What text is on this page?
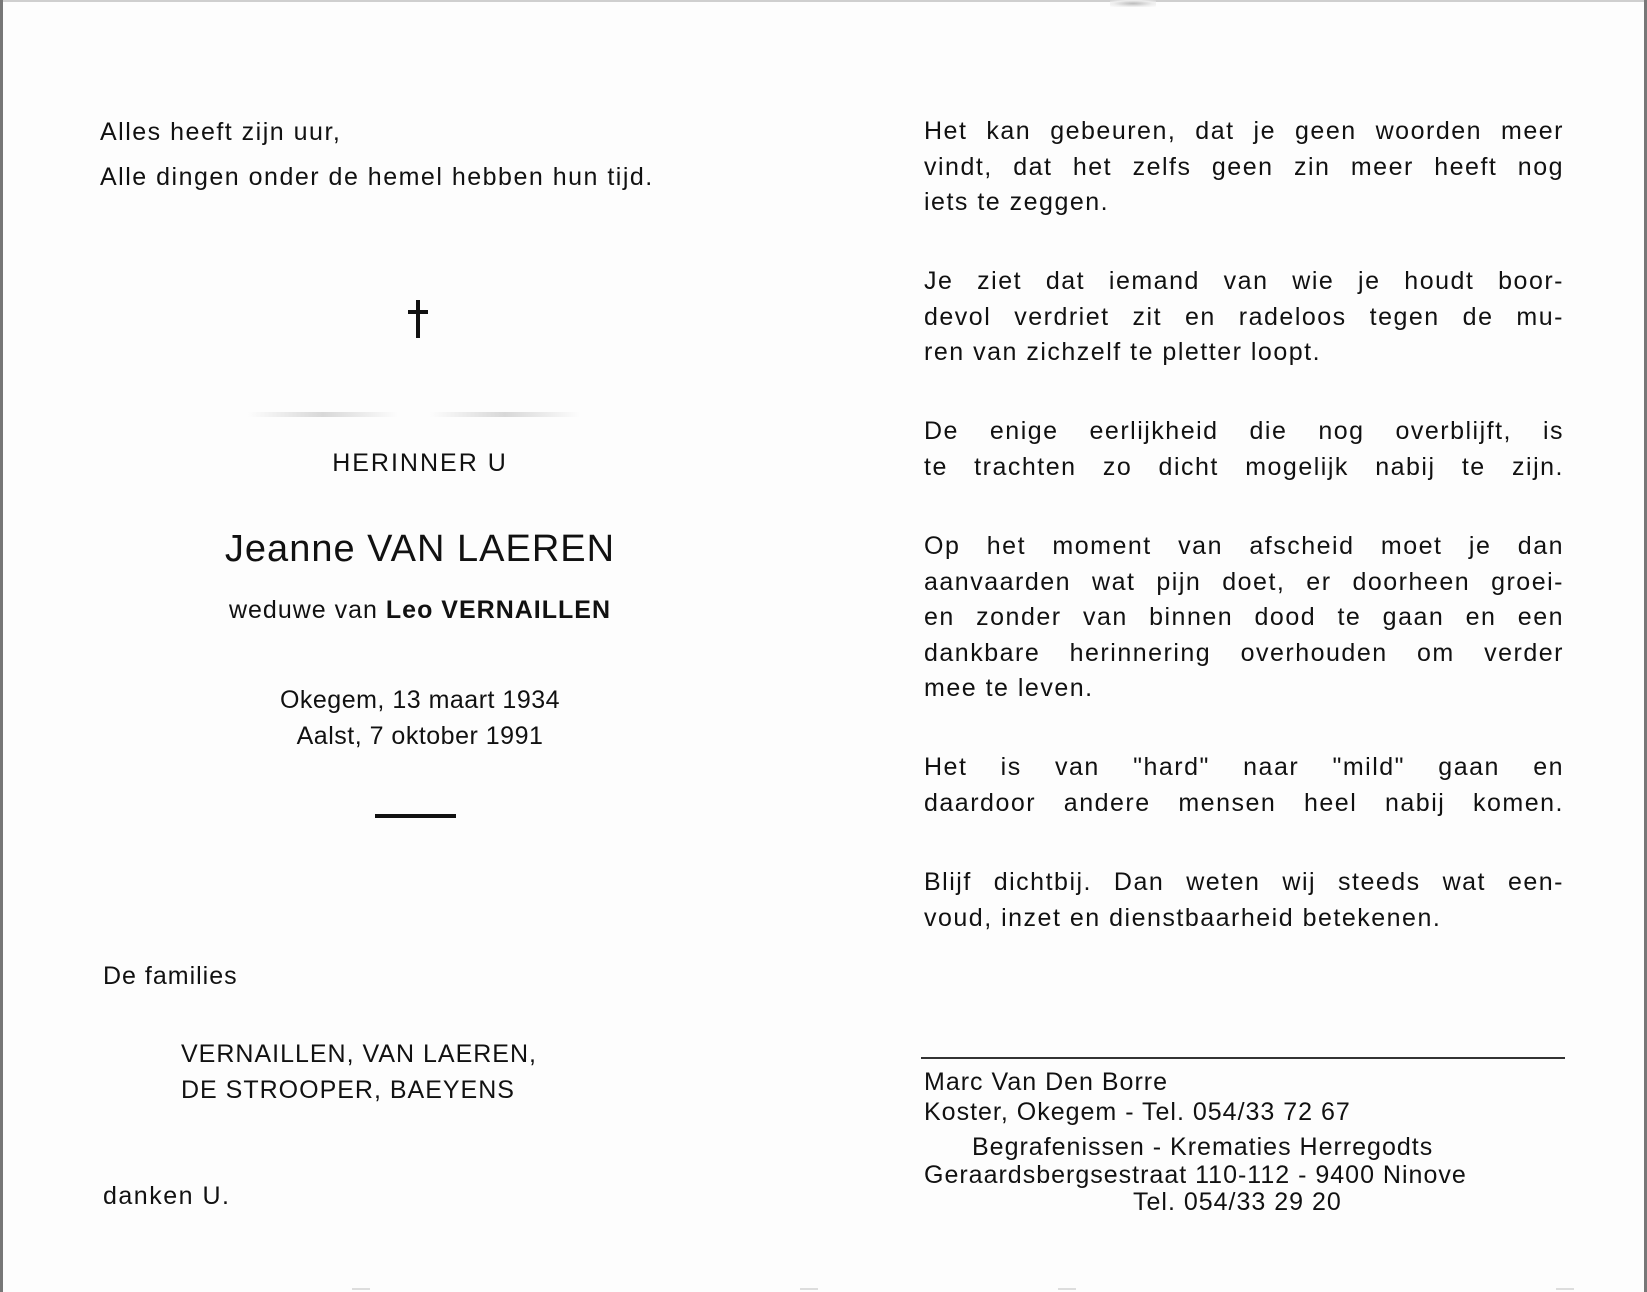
Alles heeft zijn uur,
Alle dingen onder de hemel hebben hun tijd.
HERINNER U
Jeanne VAN LAEREN
weduwe van Leo VERNAILLEN
Okegem, 13 maart 1934
Aalst, 7 oktober 1991
De families
VERNAILLEN, VAN LAEREN,
DE STROOPER, BAEYENS
danken U.
Het kan gebeuren, dat je geen woorden meer
vindt, dat het zelfs geen zin meer heeft nog
iets te zeggen.
Je ziet dat iemand van wie je houdt boor-
devol verdriet zit en radeloos tegen de mu-
ren van zichzelf te pletter loopt.
De enige eerlijkheid die nog overblijft, is
te trachten zo dicht mogelijk nabij te zijn.
Op het moment van afscheid moet je dan
aanvaarden wat pijn doet, er doorheen groei-
en zonder van binnen dood te gaan en een
dankbare herinnering overhouden om verder
mee te leven.
Het is van "hard" naar "mild" gaan en
daardoor andere mensen heel nabij komen.
Blijf dichtbij. Dan weten wij steeds wat een-
voud, inzet en dienstbaarheid betekenen.
Marc Van Den Borre
Koster, Okegem - Tel. 054/33 72 67
Begrafenissen - Krematies Herregodts
Geraardsbergsestraat 110-112 - 9400 Ninove
Tel. 054/33 29 20
